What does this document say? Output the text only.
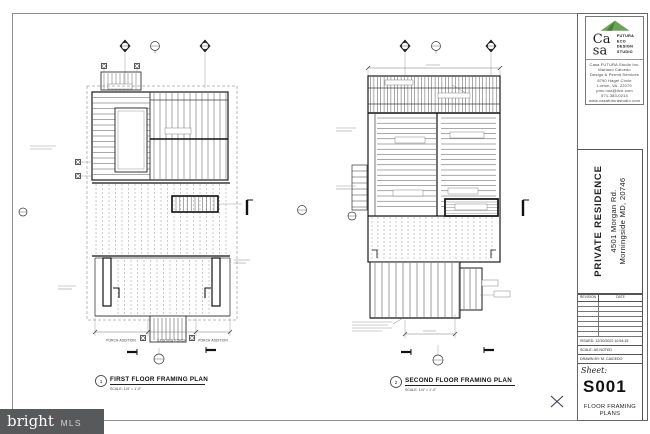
PORCH ADDITION	EXISTING PORCH	PORCH ADDITION
1 FIRST FLOOR FRAMING PLAN
SCALE: 1/4" = 1'-0"
2 SECOND FLOOR FRAMING PLAN
SCALE: 1/4" = 1'-0"
Ca
sa
FUTURA
ECO
DESIGN
STUDIO
Casa FUTURA Studio Inc.
Mariano Caicedo
Design & Permit Services
8790 Hagel Circle
Lorton, VA. 22079
pmc.noa@live.com
571-383-0214
www.casafuturastudio.com
PRIVATE RESIDENCE 4501 Morgan Rd. Morningside MD, 20746
REVISION	DATE
ISSUED: 12/10/2022 10:54:15
SCALE: AS NOTED
DRAWN BY: M. CAICEDO
Sheet:
S001
FLOOR FRAMING
PLANS
bright * MLS
